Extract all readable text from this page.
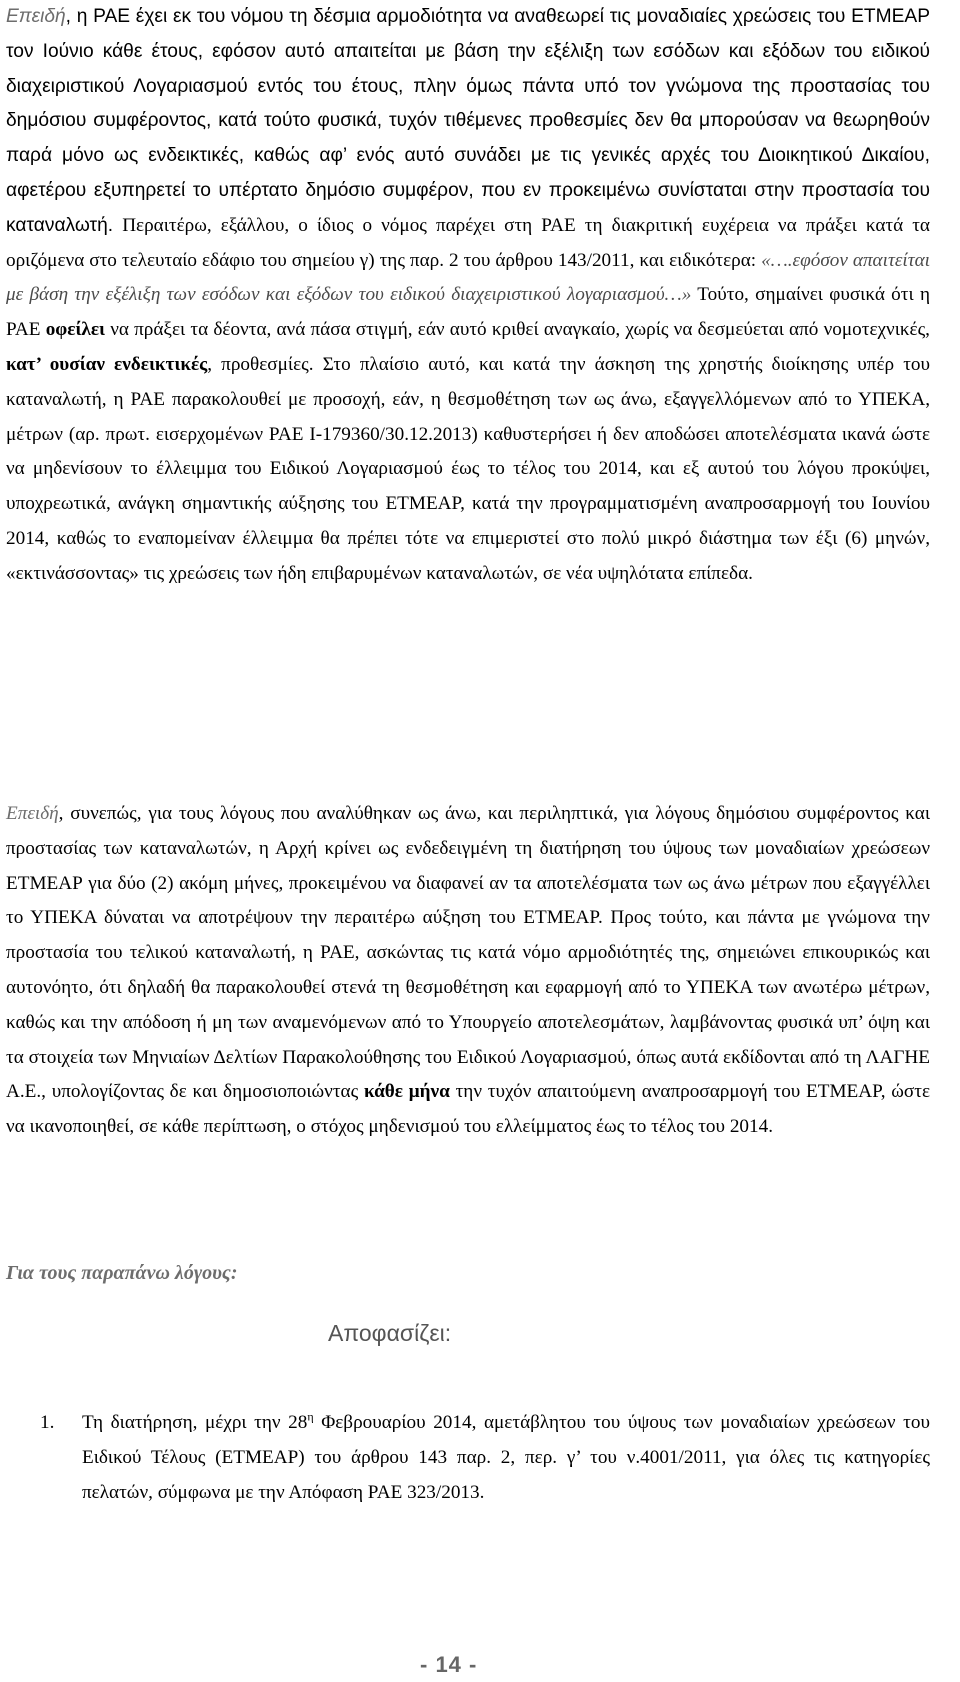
Επειδή, η ΡΑΕ έχει εκ του νόμου τη δέσμια αρμοδιότητα να αναθεωρεί τις μοναδιαίες χρεώσεις του ΕΤΜΕΑΡ τον Ιούνιο κάθε έτους, εφόσον αυτό απαιτείται με βάση την εξέλιξη των εσόδων και εξόδων του ειδικού διαχειριστικού Λογαριασμού εντός του έτους, πλην όμως πάντα υπό τον γνώμονα της προστασίας του δημόσιου συμφέροντος, κατά τούτο φυσικά, τυχόν τιθέμενες προθεσμίες δεν θα μπορούσαν να θεωρηθούν παρά μόνο ως ενδεικτικές, καθώς αφ’ ενός αυτό συνάδει με τις γενικές αρχές του Διοικητικού Δικαίου, αφετέρου εξυπηρετεί το υπέρτατο δημόσιο συμφέρον, που εν προκειμένω συνίσταται στην προστασία του καταναλωτή. Περαιτέρω, εξάλλου, ο ίδιος ο νόμος παρέχει στη ΡΑΕ τη διακριτική ευχέρεια να πράξει κατά τα οριζόμενα στο τελευταίο εδάφιο του σημείου γ) της παρ. 2 του άρθρου 143/2011, και ειδικότερα: «….εφόσον απαιτείται με βάση την εξέλιξη των εσόδων και εξόδων του ειδικού διαχειριστικού λογαριασμού…» Τούτο, σημαίνει φυσικά ότι η ΡΑΕ οφείλει να πράξει τα δέοντα, ανά πάσα στιγμή, εάν αυτό κριθεί αναγκαίο, χωρίς να δεσμεύεται από νομοτεχνικές, κατ’ ουσίαν ενδεικτικές, προθεσμίες. Στο πλαίσιο αυτό, και κατά την άσκηση της χρηστής διοίκησης υπέρ του καταναλωτή, η ΡΑΕ παρακολουθεί με προσοχή, εάν, η θεσμοθέτηση των ως άνω, εξαγγελλόμενων από το ΥΠΕΚΑ, μέτρων (αρ. πρωτ. εισερχομένων ΡΑΕ Ι-179360/30.12.2013) καθυστερήσει ή δεν αποδώσει αποτελέσματα ικανά ώστε να μηδενίσουν το έλλειμμα του Ειδικού Λογαριασμού έως το τέλος του 2014, και εξ αυτού του λόγου προκύψει, υποχρεωτικά, ανάγκη σημαντικής αύξησης του ΕΤΜΕΑΡ, κατά την προγραμματισμένη αναπροσαρμογή του Ιουνίου 2014, καθώς το εναπομείναν έλλειμμα θα πρέπει τότε να επιμεριστεί στο πολύ μικρό διάστημα των έξι (6) μηνών, «εκτινάσσοντας» τις χρεώσεις των ήδη επιβαρυμένων καταναλωτών, σε νέα υψηλότατα επίπεδα.

Επειδή, συνεπώς, για τους λόγους που αναλύθηκαν ως άνω, και περιληπτικά, για λόγους δημόσιου συμφέροντος και προστασίας των καταναλωτών, η Αρχή κρίνει ως ενδεδειγμένη τη διατήρηση του ύψους των μοναδιαίων χρεώσεων ΕΤΜΕΑΡ για δύο (2) ακόμη μήνες, προκειμένου να διαφανεί αν τα αποτελέσματα των ως άνω μέτρων που εξαγγέλλει το ΥΠΕΚΑ δύναται να αποτρέψουν την περαιτέρω αύξηση του ΕΤΜΕΑΡ. Προς τούτο, και πάντα με γνώμονα την προστασία του τελικού καταναλωτή, η ΡΑΕ, ασκώντας τις κατά νόμο αρμοδιότητές της, σημειώνει επικουρικώς και αυτονόητο, ότι δηλαδή θα παρακολουθεί στενά τη θεσμοθέτηση και εφαρμογή από το ΥΠΕΚΑ των ανωτέρω μέτρων, καθώς και την απόδοση ή μη των αναμενόμενων από το Υπουργείο αποτελεσμάτων, λαμβάνοντας φυσικά υπ’ όψη και τα στοιχεία των Μηνιαίων Δελτίων Παρακολούθησης του Ειδικού Λογαριασμού, όπως αυτά εκδίδονται από τη ΛΑΓΗΕ Α.Ε., υπολογίζοντας δε και δημοσιοποιώντας κάθε μήνα την τυχόν απαιτούμενη αναπροσαρμογή του ΕΤΜΕΑΡ, ώστε να ικανοποιηθεί, σε κάθε περίπτωση, ο στόχος μηδενισμού του ελλείμματος έως το τέλος του 2014.

Για τους παραπάνω λόγους:

Αποφασίζει:

1. Τη διατήρηση, μέχρι την $28^\eta$ Φεβρουαρίου 2014, αμετάβλητου του ύψους των μοναδιαίων χρεώσεων του Ειδικού Τέλους (ΕΤΜΕΑΡ) του άρθρου 143 παρ. 2, περ. γ’ του ν.4001/2011, για όλες τις κατηγορίες πελατών, σύμφωνα με την Απόφαση ΡΑΕ 323/2013.

- 14 -
